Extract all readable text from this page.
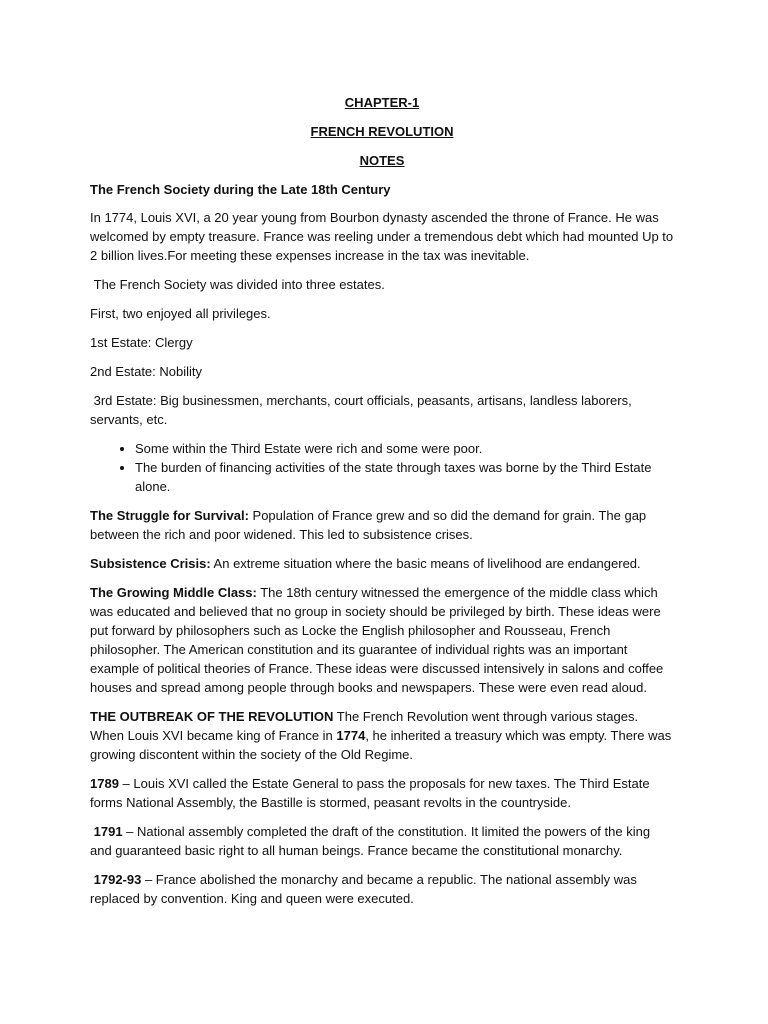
CHAPTER-1
FRENCH REVOLUTION
NOTES
The French Society during the Late 18th Century

In 1774, Louis XVI, a 20 year young from Bourbon dynasty ascended the throne of France. He was welcomed by empty treasure. France was reeling under a tremendous debt which had mounted Up to 2 billion lives.For meeting these expenses increase in the tax was inevitable.

The French Society was divided into three estates.

First, two enjoyed all privileges.

1st Estate: Clergy

2nd Estate: Nobility

3rd Estate: Big businessmen, merchants, court officials, peasants, artisans, landless laborers, servants, etc.

• Some within the Third Estate were rich and some were poor.
• The burden of financing activities of the state through taxes was borne by the Third Estate alone.

The Struggle for Survival: Population of France grew and so did the demand for grain. The gap between the rich and poor widened. This led to subsistence crises.

Subsistence Crisis: An extreme situation where the basic means of livelihood are endangered.

The Growing Middle Class: The 18th century witnessed the emergence of the middle class which was educated and believed that no group in society should be privileged by birth. These ideas were put forward by philosophers such as Locke the English philosopher and Rousseau, French philosopher. The American constitution and its guarantee of individual rights was an important example of political theories of France. These ideas were discussed intensively in salons and coffee houses and spread among people through books and newspapers. These were even read aloud.

THE OUTBREAK OF THE REVOLUTION The French Revolution went through various stages. When Louis XVI became king of France in 1774, he inherited a treasury which was empty. There was growing discontent within the society of the Old Regime.

1789 – Louis XVI called the Estate General to pass the proposals for new taxes. The Third Estate forms National Assembly, the Bastille is stormed, peasant revolts in the countryside.

1791 – National assembly completed the draft of the constitution. It limited the powers of the king and guaranteed basic right to all human beings. France became the constitutional monarchy.

1792-93 – France abolished the monarchy and became a republic. The national assembly was replaced by convention. King and queen were executed.
